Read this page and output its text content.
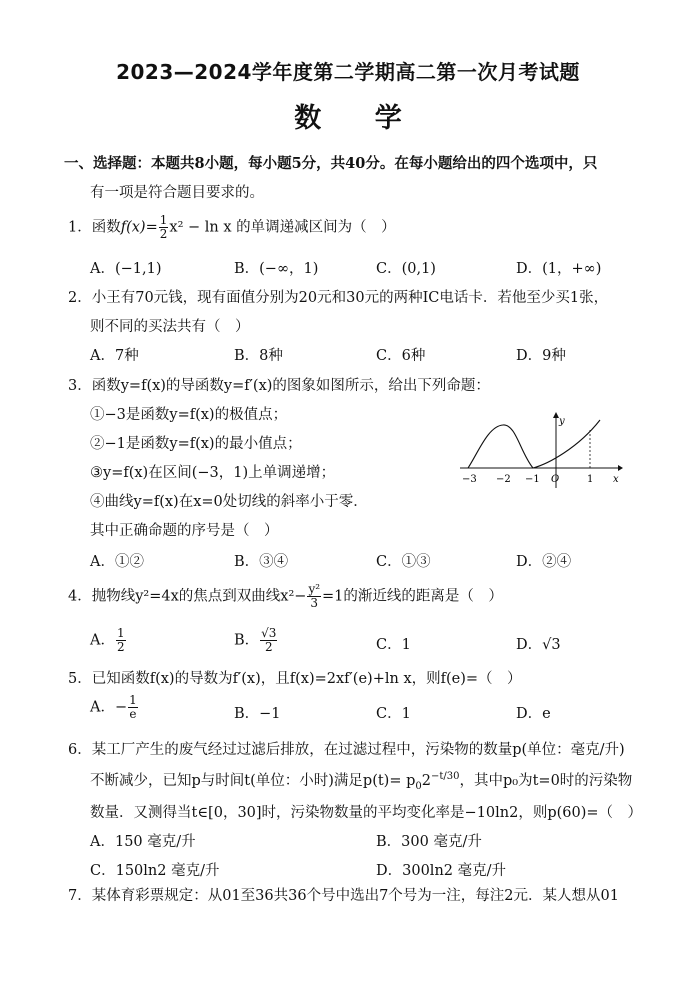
2023—2024学年度第二学期高二第一次月考试题
数 学
一、选择题：本题共8小题，每小题5分，共40分。在每小题给出的四个选项中，只
有一项是符合题目要求的。
1．函数$f(x)= \frac{1}{2} x^2 - \ln x$ 的单调递减区间为（　）
A．(−1,1)	B．(−∞，1)	C．(0,1)	D．(1，+∞)
2．小王有70元钱，现有面值分别为20元和30元的两种IC电话卡．若他至少买1张，
则不同的买法共有（　）
A．7种	B．8种	C．6种	D．9种
3．函数y=f(x)的导函数y=f′(x)的图象如图所示，给出下列命题：
①−3是函数y=f(x)的极值点；
②−1是函数y=f(x)的最小值点；
③y=f(x)在区间(−3，1)上单调递增；
④曲线y=f(x)在x=0处切线的斜率小于零．
其中正确命题的序号是（　）
A．①②	B．③④	C．①③	D．②④
y
x
−3 −2 −1 O	1
4．抛物线y²=4x的焦点到双曲线$x^2- \frac{\text{y²}}{3} =1$的渐近线的距离是（　）
A． $\frac{1}{2}$	B． $\frac{√3}{2}$	C．1	D．√3
5．已知函数f(x)的导数为f′(x)，且f(x)=2xf′(e)+ln x，则f(e)=（　）
A．− $\frac{1}{e}$	B．−1	C．1	D．e
6．某工厂产生的废气经过过滤后排放，在过滤过程中，污染物的数量p(单位：毫克/升)
不断减少，已知p与时间t(单位：小时)满足$p(t)= p_02^{-t/30}$，其中p₀为t=0时的污染物
数量．又测得当t∈[0，30]时，污染物数量的平均变化率是−10ln2，则p(60)=（　）
A．150 毫克/升	B．300 毫克/升
C．150ln2 毫克/升	D．300ln2 毫克/升
7．某体育彩票规定：从01至36共36个号中选出7个号为一注，每注2元．某人想从01
